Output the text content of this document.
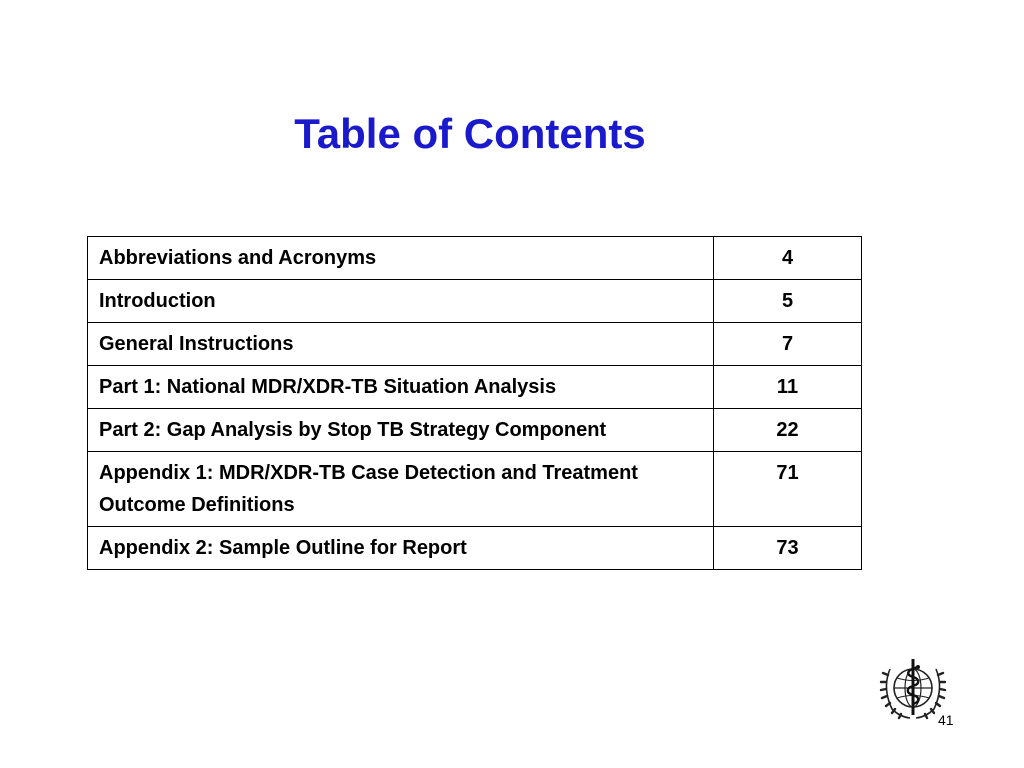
Table of Contents
Abbreviations and Acronyms	4
Introduction	5
General Instructions	7
Part 1: National MDR/XDR-TB Situation Analysis	11
Part 2: Gap Analysis by Stop TB Strategy Component	22
Appendix 1: MDR/XDR-TB Case Detection and Treatment Outcome Definitions	71
Appendix 2: Sample Outline for Report	73
41
